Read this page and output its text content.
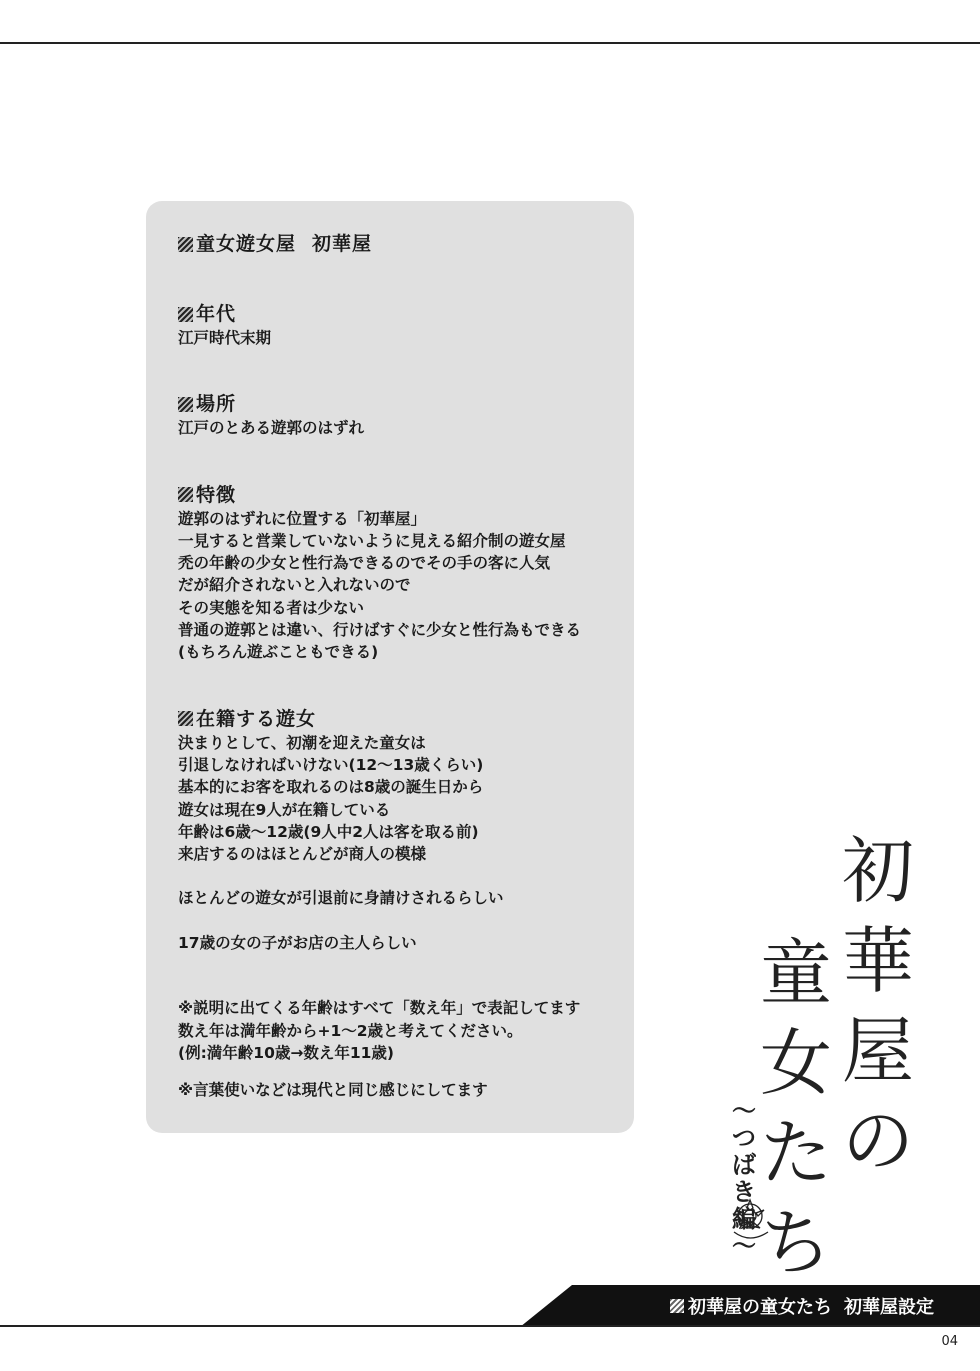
童女遊女屋 初華屋
年代
江戸時代末期
場所
江戸のとある遊郭のはずれ
特徴
遊郭のはずれに位置する「初華屋」
一見すると営業していないように見える紹介制の遊女屋
禿の年齢の少女と性行為できるのでその手の客に人気
だが紹介されないと入れないので
その実態を知る者は少ない
普通の遊郭とは違い、行けばすぐに少女と性行為もできる
(もちろん遊ぶこともできる)
在籍する遊女
決まりとして、初潮を迎えた童女は
引退しなければいけない(12〜13歳くらい)
基本的にお客を取れるのは8歳の誕生日から
遊女は現在9人が在籍している
年齢は6歳〜12歳(9人中2人は客を取る前)
来店するのはほとんどが商人の模様
ほとんどの遊女が引退前に身請けされるらしい
17歳の女の子がお店の主人らしい
※説明に出てくる年齢はすべて「数え年」で表記してます
数え年は満年齢から+1〜2歳と考えてください。
(例:満年齢10歳→数え年11歳)
※言葉使いなどは現代と同じ感じにしてます
初
華
屋
の
童
女
た
ち
〜
つ
ば
き
編
〜
初華屋の童女たち 初華屋設定
04
